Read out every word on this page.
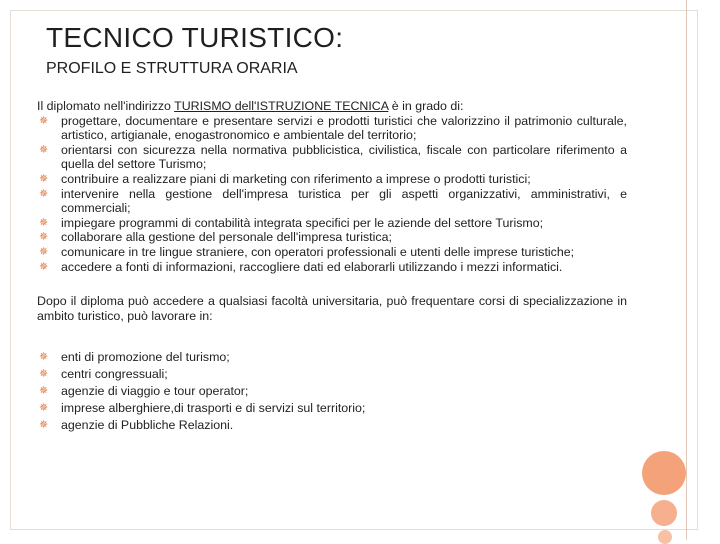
TECNICO TURISTICO:
PROFILO E STRUTTURA ORARIA

Il diplomato nell'indirizzo TURISMO dell'ISTRUZIONE TECNICA è in grado di:

✵ progettare, documentare e presentare servizi e prodotti turistici che valorizzino il patrimonio culturale, artistico, artigianale, enogastronomico e ambientale del territorio;
✵ orientarsi con sicurezza nella normativa pubblicistica, civilistica, fiscale con particolare riferimento a quella del settore Turismo;
✵ contribuire a realizzare piani di marketing con riferimento a imprese o prodotti turistici;
✵ intervenire nella gestione dell'impresa turistica per gli aspetti organizzativi, amministrativi, e commerciali;
✵ impiegare programmi di contabilità integrata specifici per le aziende del settore Turismo;
✵ collaborare alla gestione del personale dell'impresa turistica;
✵ comunicare in tre lingue straniere, con operatori professionali e utenti delle imprese turistiche;
✵ accedere a fonti di informazioni, raccogliere dati ed elaborarli utilizzando i mezzi informatici.

Dopo il diploma può accedere a qualsiasi facoltà universitaria, può frequentare corsi di specializzazione in ambito turistico, può lavorare in:

✵ enti di promozione del turismo;
✵ centri congressuali;
✵ agenzie di viaggio e tour operator;
✵ imprese alberghiere,di trasporti e di servizi sul territorio;
✵ agenzie di Pubbliche Relazioni.
